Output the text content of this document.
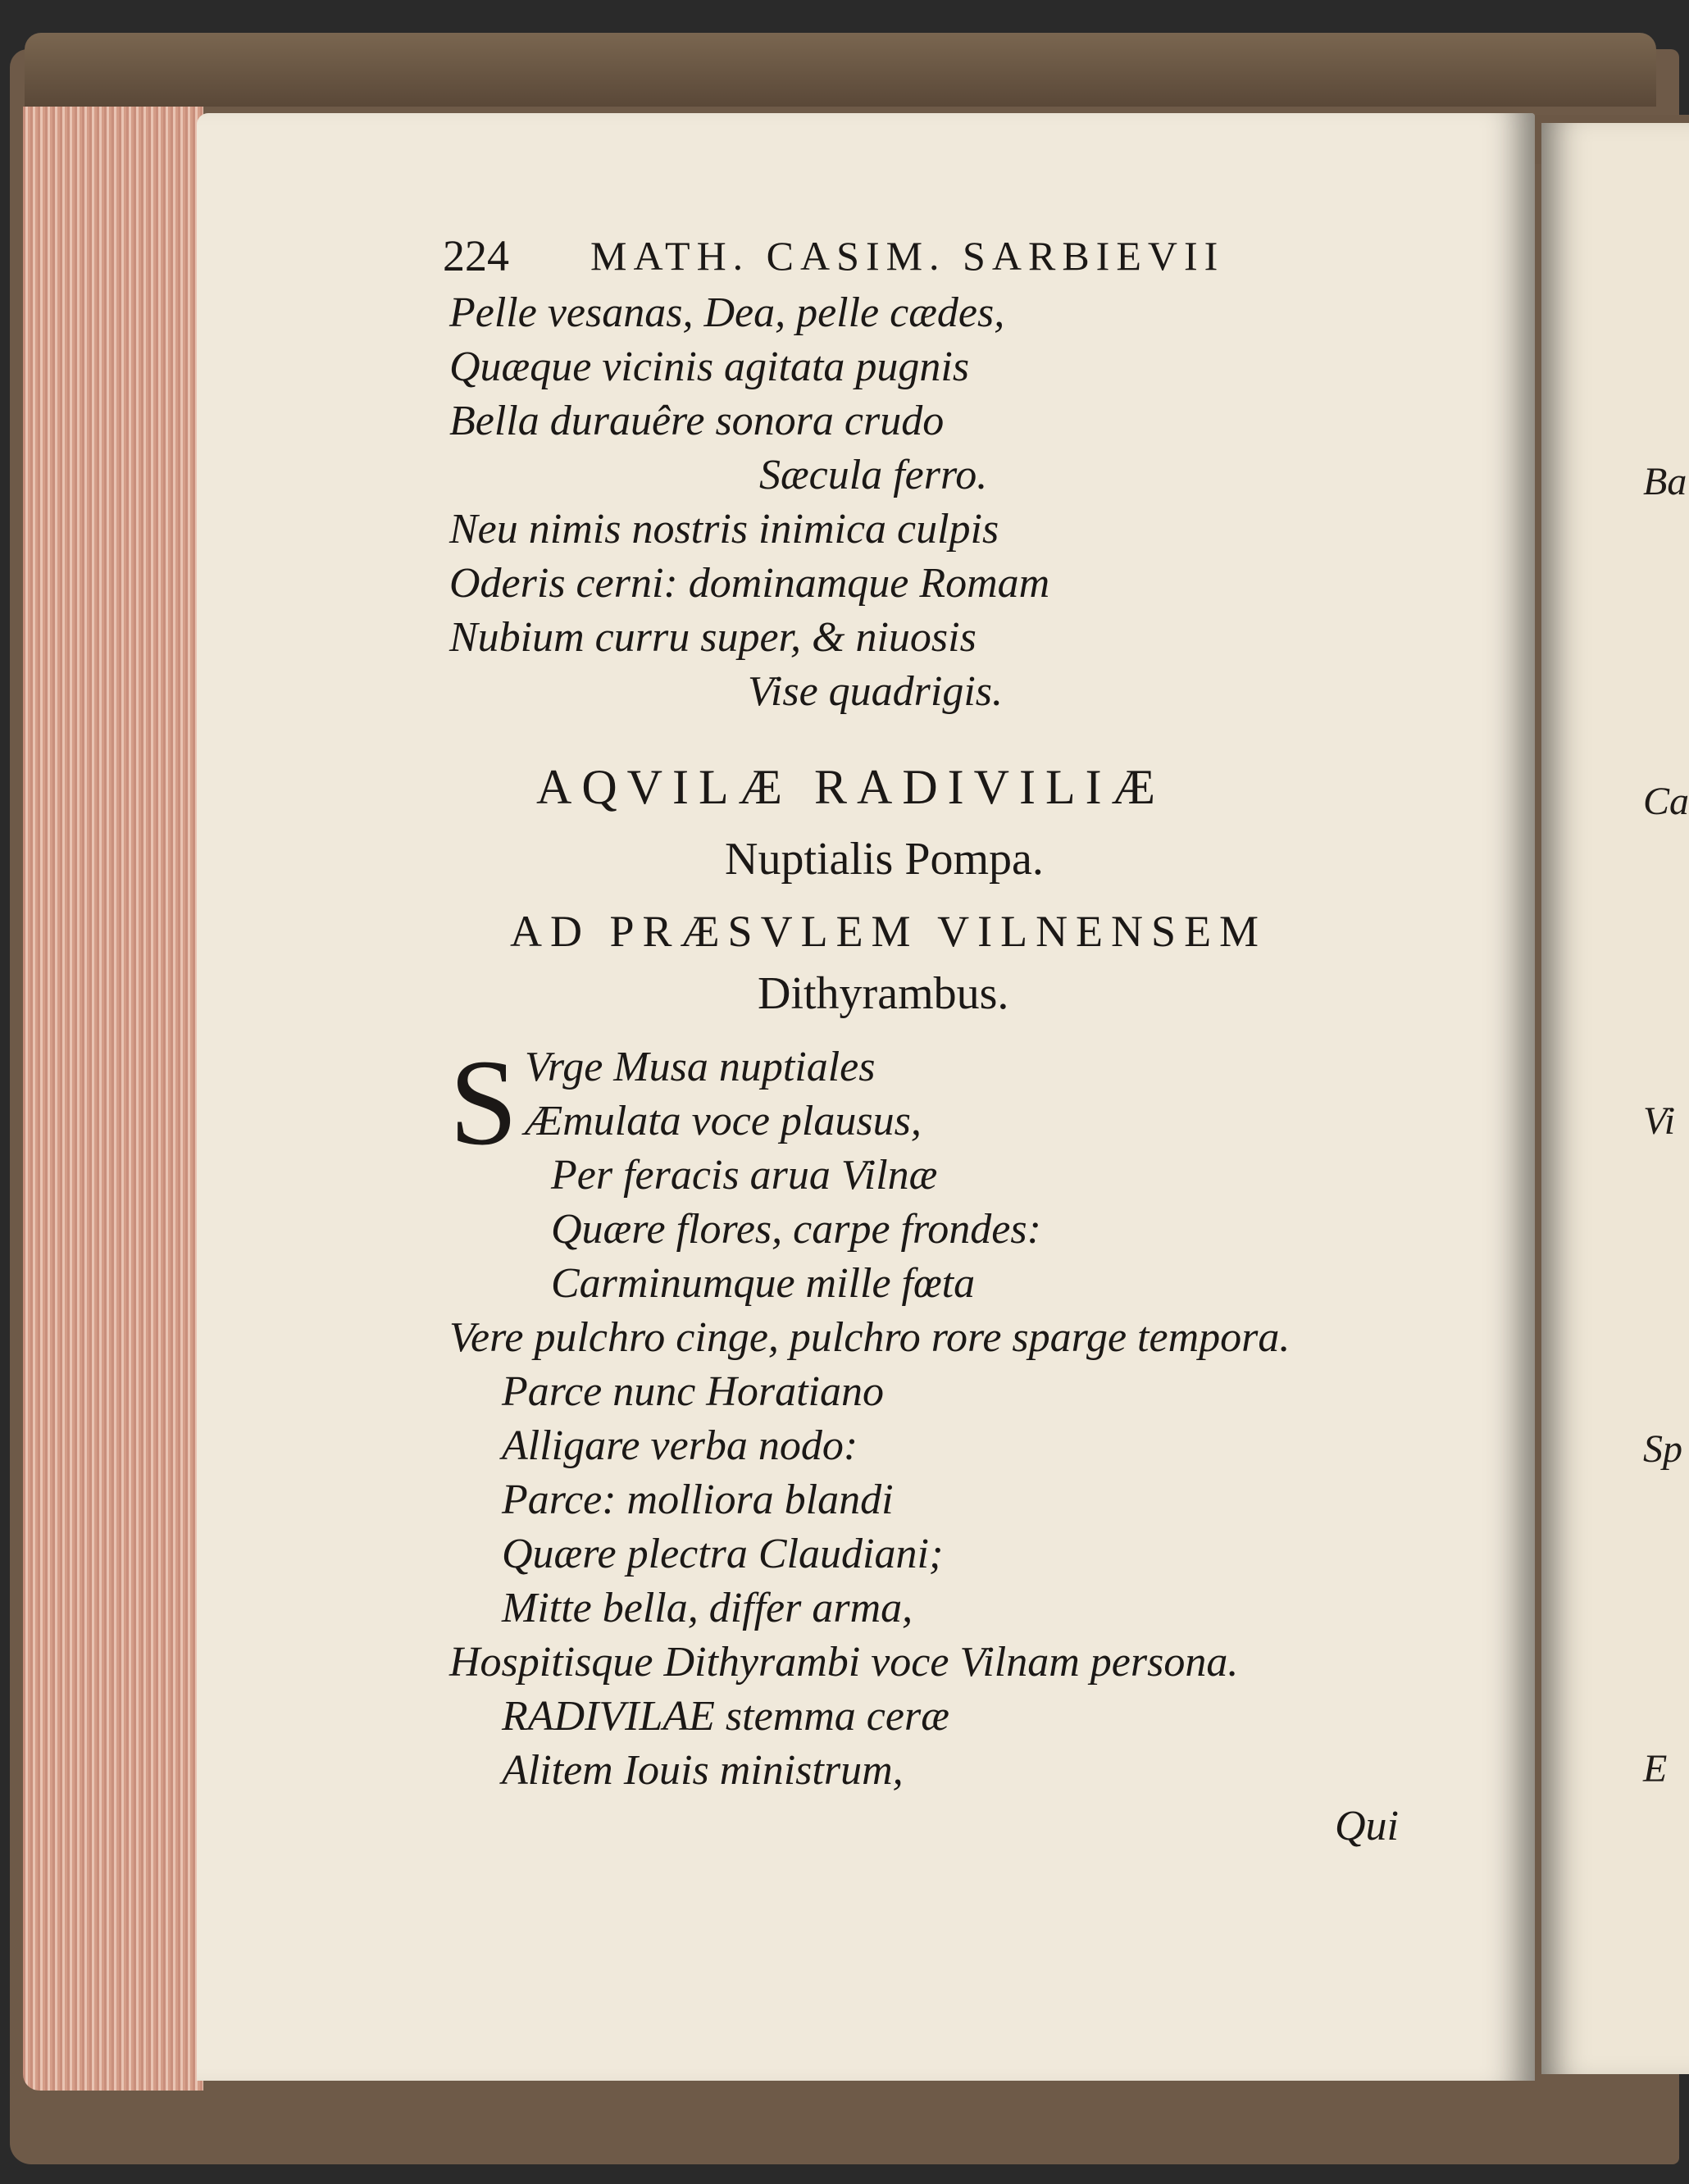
224 MATH. CASIM. SARBIEVII
Pelle vesanas, Dea, pelle cædes,
Quæque vicinis agitata pugnis
Bella durauêre sonora crudo
Sæcula ferro.
Neu nimis nostris inimica culpis
Oderis cerni: dominamque Romam
Nubium curru super, & niuosis
Vise quadrigis.
AQVILÆ RADIVILIÆ
Nuptialis Pompa.
AD PRÆSVLEM VILNENSEM
Dithyrambus.
S Vrge Musa nuptiales
Æmulata voce plausus,
Per feracis arua Vilnæ
Quære flores, carpe frondes:
Carminumque mille fœta
Vere pulchro cinge, pulchro rore sparge tempora.
Parce nunc Horatiano
Alligare verba nodo:
Parce: molliora blandi
Quære plectra Claudiani;
Mitte bella, differ arma,
Hospitisque Dithyrambi voce Vilnam persona.
RADIVILAE stemma ceræ
Alitem Iouis ministrum,
Qui
Ba
Ca
Vi
Sp
E
